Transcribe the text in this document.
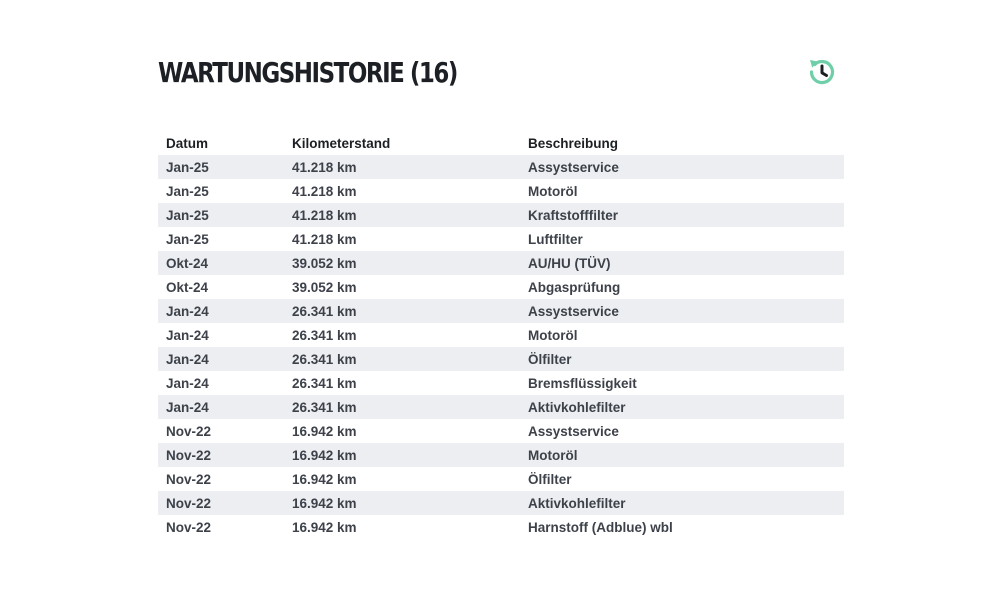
WARTUNGSHISTORIE (16)
Datum	Kilometerstand	Beschreibung
Jan-25	41.218 km	Assystservice
Jan-25	41.218 km	Motoröl
Jan-25	41.218 km	Kraftstofffilter
Jan-25	41.218 km	Luftfilter
Okt-24	39.052 km	AU/HU (TÜV)
Okt-24	39.052 km	Abgasprüfung
Jan-24	26.341 km	Assystservice
Jan-24	26.341 km	Motoröl
Jan-24	26.341 km	Ölfilter
Jan-24	26.341 km	Bremsflüssigkeit
Jan-24	26.341 km	Aktivkohlefilter
Nov-22	16.942 km	Assystservice
Nov-22	16.942 km	Motoröl
Nov-22	16.942 km	Ölfilter
Nov-22	16.942 km	Aktivkohlefilter
Nov-22	16.942 km	Harnstoff (Adblue) wbl
